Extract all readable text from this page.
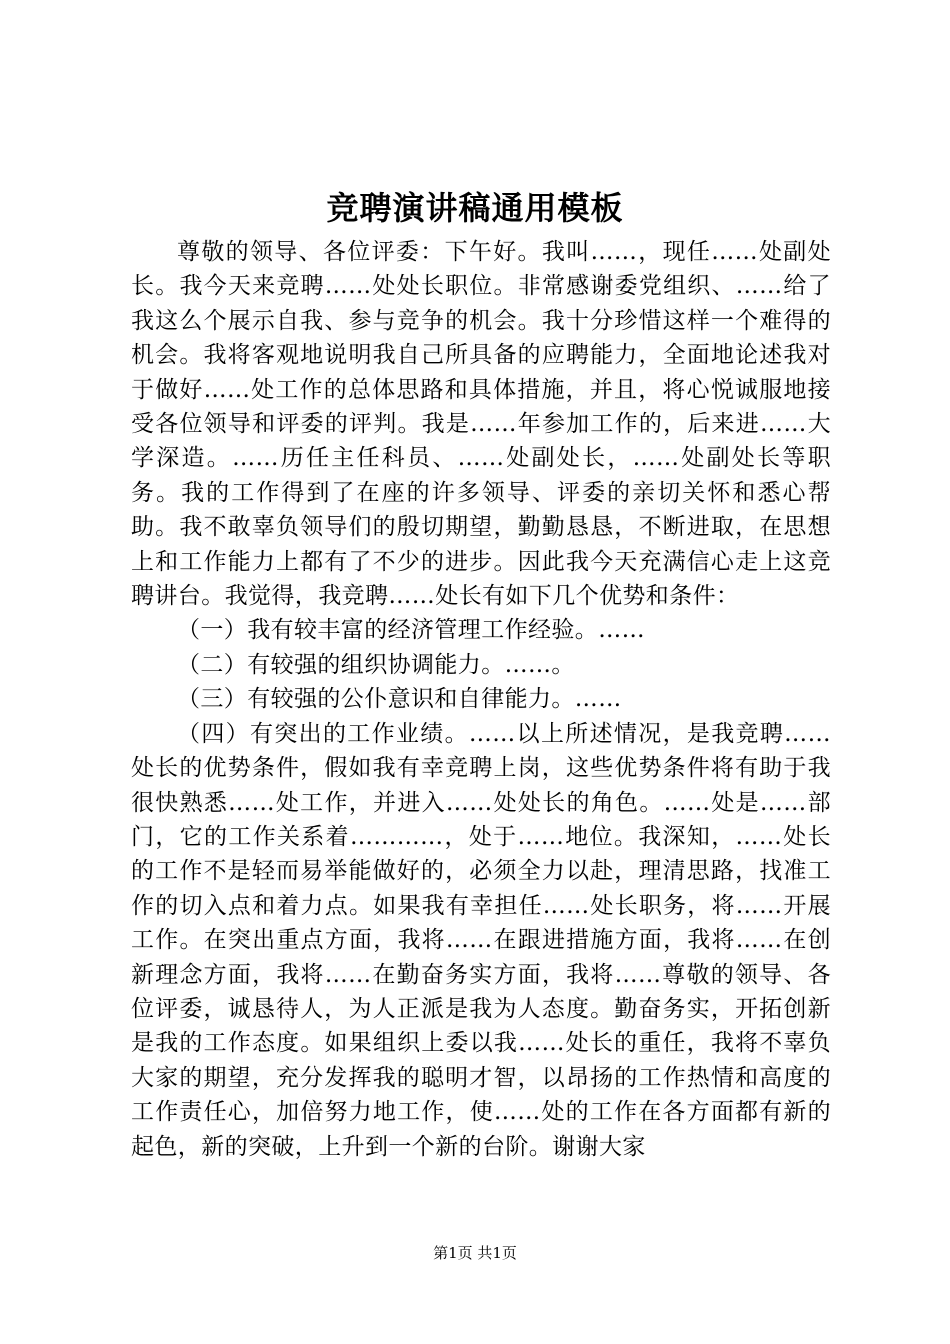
竞聘演讲稿通用模板

尊敬的领导、各位评委：下午好。我叫……，现任……处副处长。我今天来竞聘……处处长职位。非常感谢委党组织、……给了我这么个展示自我、参与竞争的机会。我十分珍惜这样一个难得的机会。我将客观地说明我自己所具备的应聘能力，全面地论述我对于做好……处工作的总体思路和具体措施，并且，将心悦诚服地接受各位领导和评委的评判。我是……年参加工作的，后来进……大学深造。……历任主任科员、……处副处长，……处副处长等职务。我的工作得到了在座的许多领导、评委的亲切关怀和悉心帮助。我不敢辜负领导们的殷切期望，勤勤恳恳，不断进取，在思想上和工作能力上都有了不少的进步。因此我今天充满信心走上这竞聘讲台。我觉得，我竞聘……处长有如下几个优势和条件：

（一）我有较丰富的经济管理工作经验。……

（二）有较强的组织协调能力。……。

（三）有较强的公仆意识和自律能力。……

（四）有突出的工作业绩。……以上所述情况，是我竞聘……处长的优势条件，假如我有幸竞聘上岗，这些优势条件将有助于我很快熟悉……处工作，并进入……处处长的角色。……处是……部门，它的工作关系着…………，处于……地位。我深知，……处长的工作不是轻而易举能做好的，必须全力以赴，理清思路，找准工作的切入点和着力点。如果我有幸担任……处长职务，将……开展工作。在突出重点方面，我将……在跟进措施方面，我将……在创新理念方面，我将……在勤奋务实方面，我将……尊敬的领导、各位评委，诚恳待人，为人正派是我为人态度。勤奋务实，开拓创新是我的工作态度。如果组织上委以我……处长的重任，我将不辜负大家的期望，充分发挥我的聪明才智，以昂扬的工作热情和高度的工作责任心，加倍努力地工作，使……处的工作在各方面都有新的起色，新的突破，上升到一个新的台阶。谢谢大家

第1页 共1页
